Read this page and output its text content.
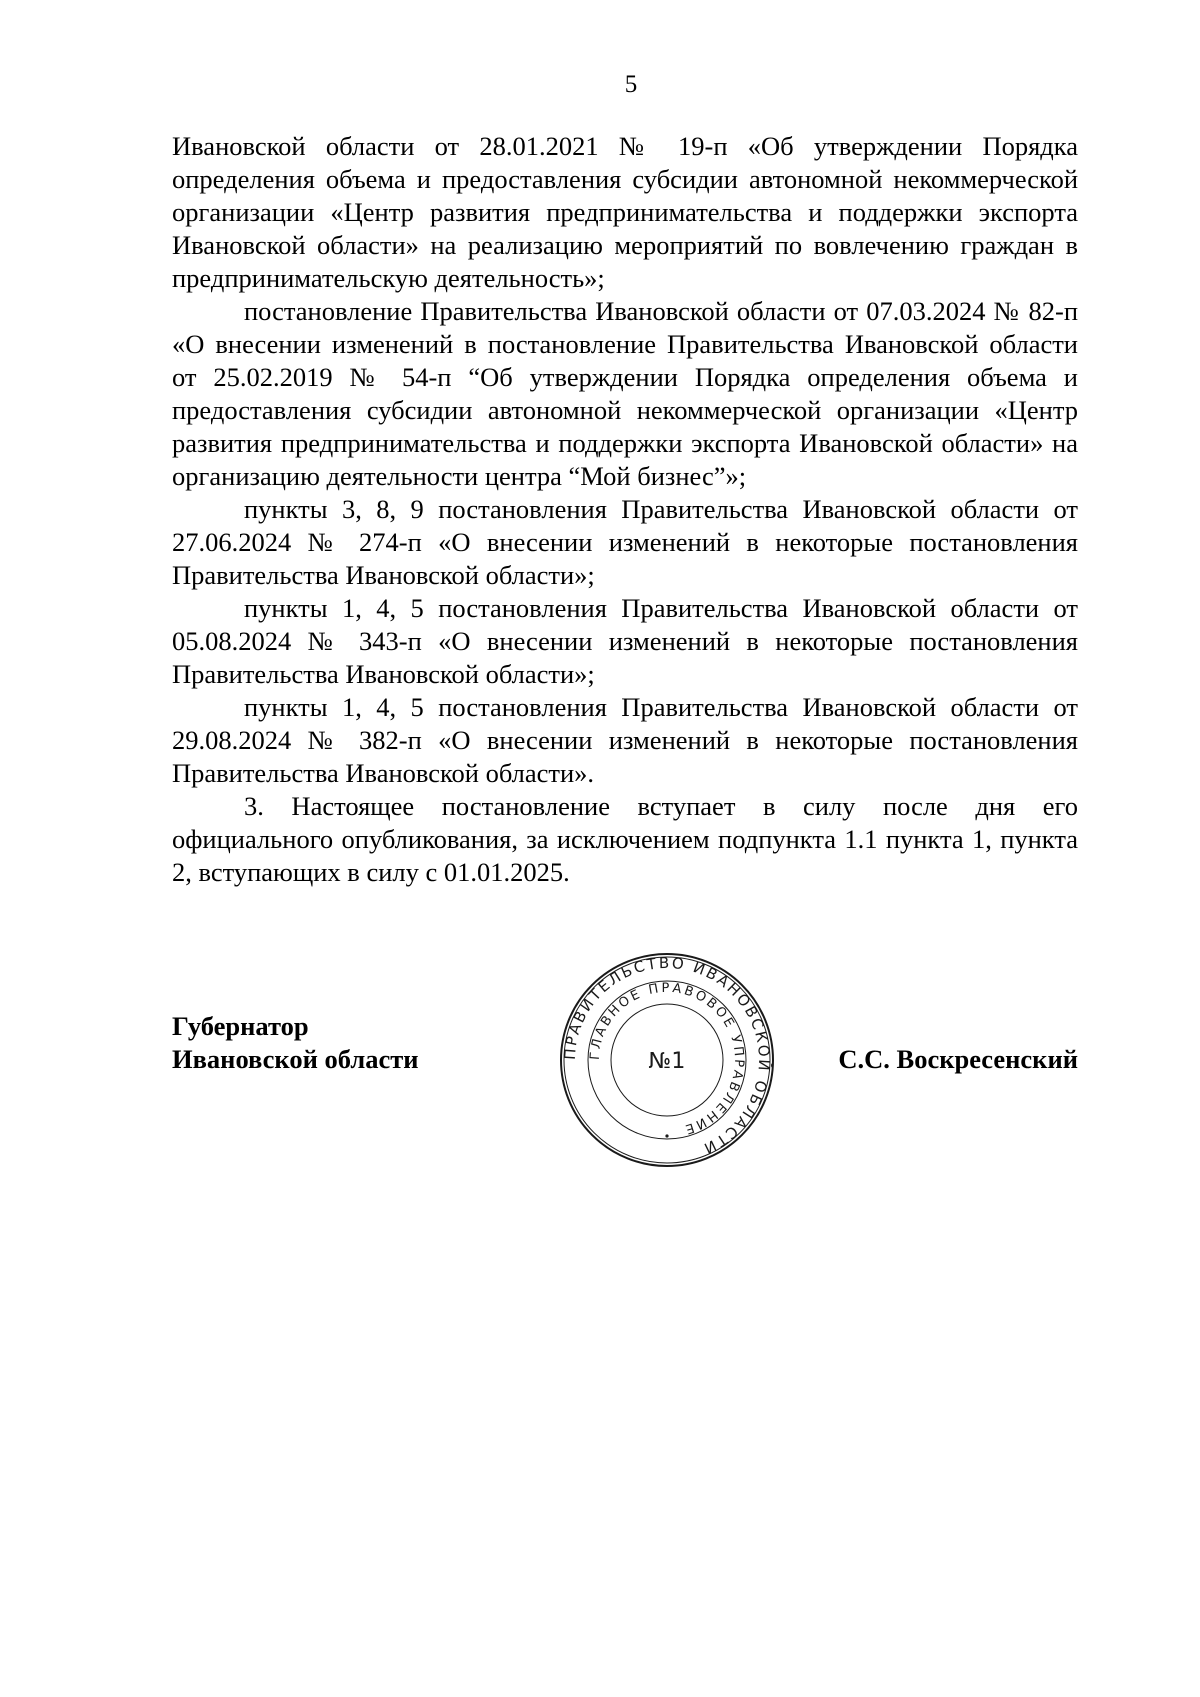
5

Ивановской области от 28.01.2021 № 19-п «Об утверждении Порядка определения объема и предоставления субсидии автономной некоммерческой организации «Центр развития предпринимательства и поддержки экспорта Ивановской области» на реализацию мероприятий по вовлечению граждан в предпринимательскую деятельность»;

постановление Правительства Ивановской области от 07.03.2024 № 82-п «О внесении изменений в постановление Правительства Ивановской области от 25.02.2019 № 54-п “Об утверждении Порядка определения объема и предоставления субсидии автономной некоммерческой организации «Центр развития предпринимательства и поддержки экспорта Ивановской области» на организацию деятельности центра “Мой бизнес”»;

пункты 3, 8, 9 постановления Правительства Ивановской области от 27.06.2024 № 274-п «О внесении изменений в некоторые постановления Правительства Ивановской области»;

пункты 1, 4, 5 постановления Правительства Ивановской области от 05.08.2024 № 343-п «О внесении изменений в некоторые постановления Правительства Ивановской области»;

пункты 1, 4, 5 постановления Правительства Ивановской области от 29.08.2024 № 382-п «О внесении изменений в некоторые постановления Правительства Ивановской области».

3. Настоящее постановление вступает в силу после дня его официального опубликования, за исключением подпункта 1.1 пункта 1, пункта 2, вступающих в силу с 01.01.2025.

Губернатор
Ивановской области	ПРАВИТЕЛЬСТВО ИВАНОВСКОЙ ОБЛАСТИ
ГЛАВНОЕ ПРАВОВОЕ УПРАВЛЕНИЕ
№1	С.С. Воскресенский
